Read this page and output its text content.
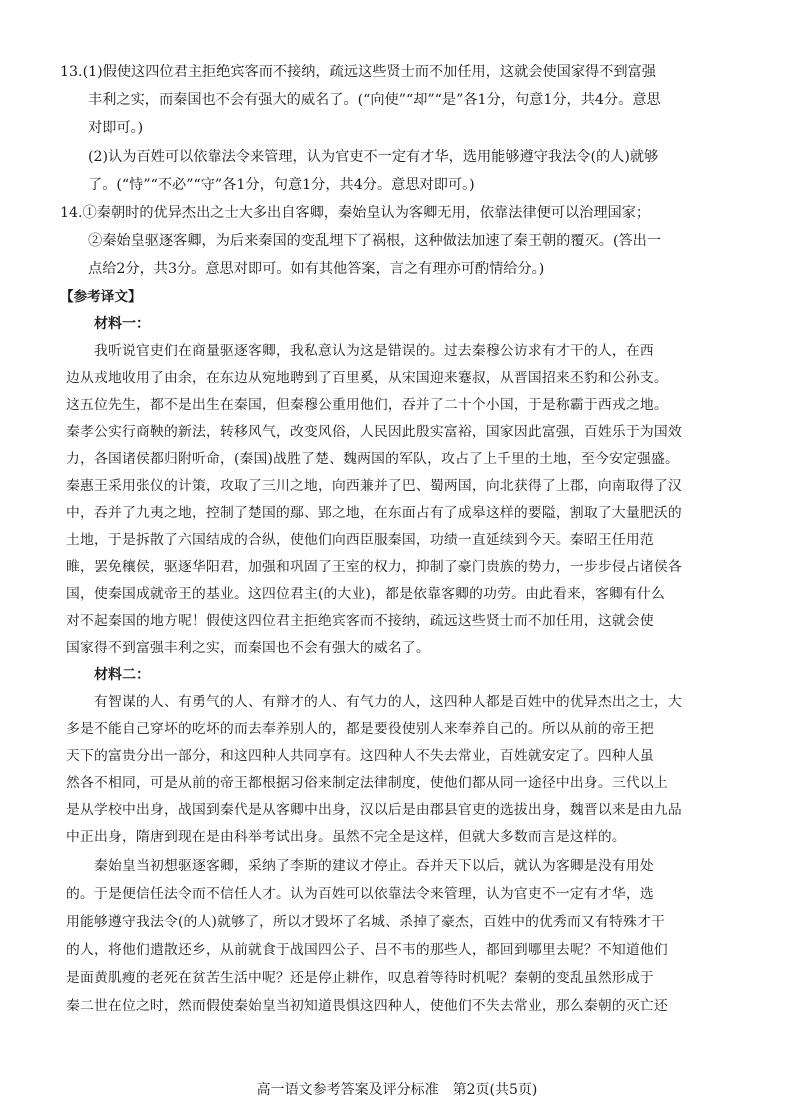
13.(1)假使这四位君主拒绝宾客而不接纳，疏远这些贤士而不加任用，这就会使国家得不到富强
丰利之实，而秦国也不会有强大的威名了。(“向使”“却”“是”各1分，句意1分，共4分。意思
对即可。)
(2)认为百姓可以依靠法令来管理，认为官吏不一定有才华，选用能够遵守我法令(的人)就够
了。(“恃”“不必”“守”各1分，句意1分，共4分。意思对即可。)
14.①秦朝时的优异杰出之士大多出自客卿，秦始皇认为客卿无用，依靠法律便可以治理国家；
②秦始皇驱逐客卿，为后来秦国的变乱埋下了祸根，这种做法加速了秦王朝的覆灭。(答出一
点给2分，共3分。意思对即可。如有其他答案，言之有理亦可酌情给分。)
【参考译文】
材料一：
我听说官吏们在商量驱逐客卿，我私意认为这是错误的。过去秦穆公访求有才干的人，在西
边从戎地收用了由余，在东边从宛地聘到了百里奚，从宋国迎来蹇叔，从晋国招来丕豹和公孙支。
这五位先生，都不是出生在秦国，但秦穆公重用他们，吞并了二十个小国，于是称霸于西戎之地。
秦孝公实行商鞅的新法，转移风气，改变风俗，人民因此殷实富裕，国家因此富强，百姓乐于为国效
力，各国诸侯都归附听命，(秦国)战胜了楚、魏两国的军队，攻占了上千里的土地，至今安定强盛。
秦惠王采用张仪的计策，攻取了三川之地，向西兼并了巴、蜀两国，向北获得了上郡，向南取得了汉
中，吞并了九夷之地，控制了楚国的鄢、郢之地，在东面占有了成皋这样的要隘，割取了大量肥沃的
土地，于是拆散了六国结成的合纵，使他们向西臣服秦国，功绩一直延续到今天。秦昭王任用范
睢，罢免穰侯，驱逐华阳君，加强和巩固了王室的权力，抑制了豪门贵族的势力，一步步侵占诸侯各
国，使秦国成就帝王的基业。这四位君主(的大业)，都是依靠客卿的功劳。由此看来，客卿有什么
对不起秦国的地方呢！假使这四位君主拒绝宾客而不接纳，疏远这些贤士而不加任用，这就会使
国家得不到富强丰利之实，而秦国也不会有强大的威名了。
材料二：
有智谋的人、有勇气的人、有辩才的人、有气力的人，这四种人都是百姓中的优异杰出之士，大
多是不能自己穿坏的吃坏的而去奉养别人的，都是要役使别人来奉养自己的。所以从前的帝王把
天下的富贵分出一部分，和这四种人共同享有。这四种人不失去常业，百姓就安定了。四种人虽
然各不相同，可是从前的帝王都根据习俗来制定法律制度，使他们都从同一途径中出身。三代以上
是从学校中出身，战国到秦代是从客卿中出身，汉以后是由郡县官吏的选拔出身，魏晋以来是由九品
中正出身，隋唐到现在是由科举考试出身。虽然不完全是这样，但就大多数而言是这样的。
秦始皇当初想驱逐客卿，采纳了李斯的建议才停止。吞并天下以后，就认为客卿是没有用处
的。于是便信任法令而不信任人才。认为百姓可以依靠法令来管理，认为官吏不一定有才华，选
用能够遵守我法令(的人)就够了，所以才毁坏了名城、杀掉了豪杰，百姓中的优秀而又有特殊才干
的人，将他们遣散还乡，从前就食于战国四公子、吕不韦的那些人，都回到哪里去呢？不知道他们
是面黄肌瘦的老死在贫苦生活中呢？还是停止耕作，叹息着等待时机呢？秦朝的变乱虽然形成于
秦二世在位之时，然而假使秦始皇当初知道畏惧这四种人，使他们不失去常业，那么秦朝的灭亡还
高一语文参考答案及评分标准　第2页(共5页)
